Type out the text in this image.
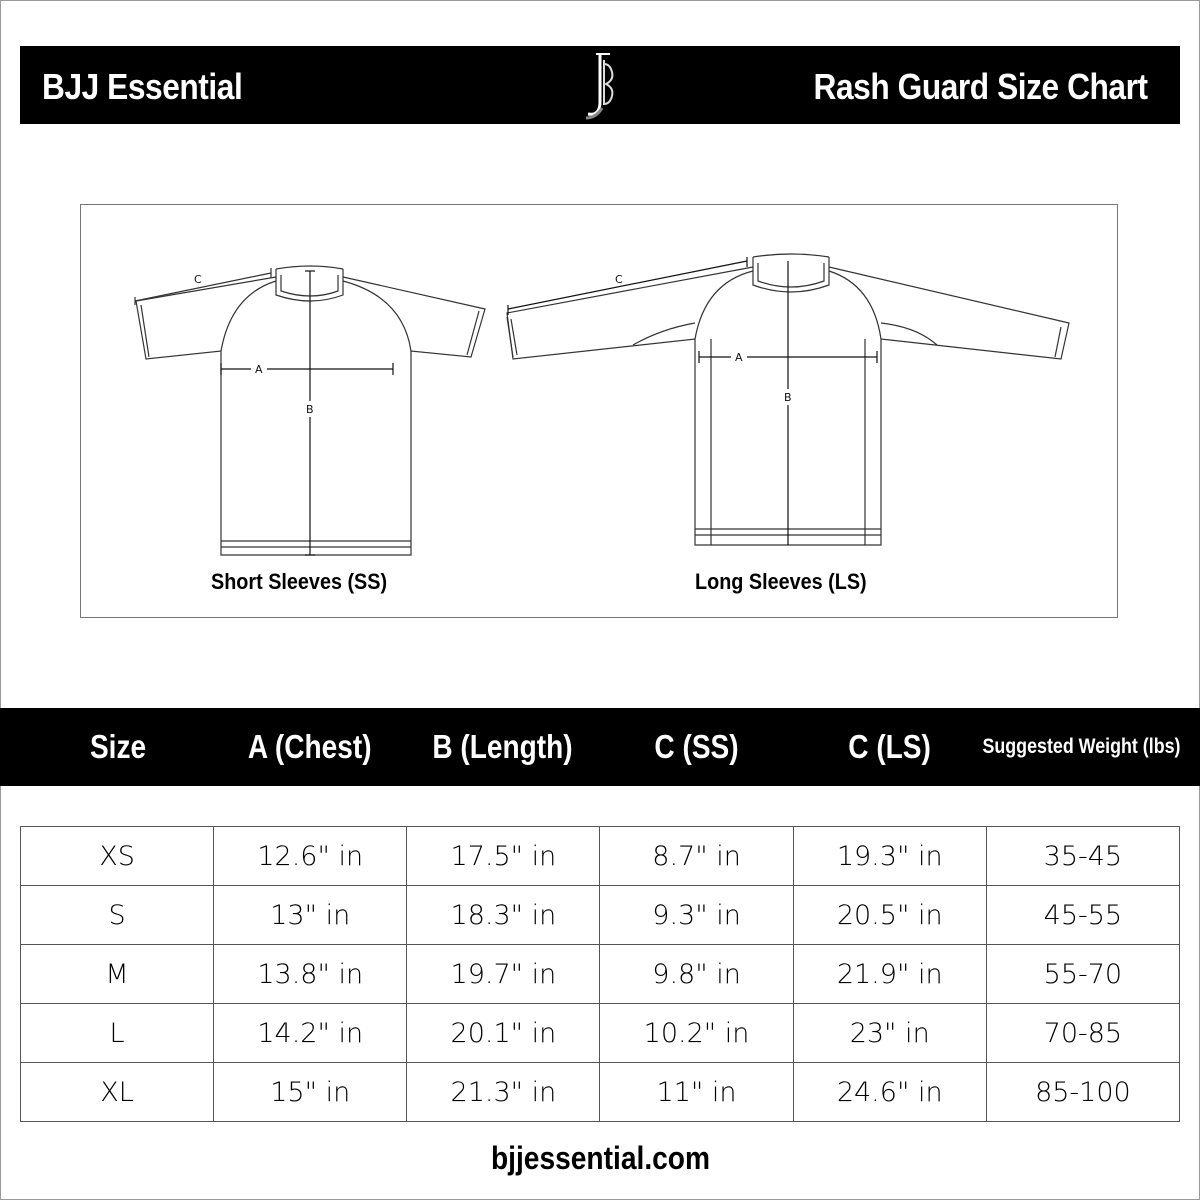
BJJ Essential	Rash Guard Size Chart
C
A
B
C
A
B
Short Sleeves (SS)	Long Sleeves (LS)
Size	A (Chest)	B (Length)	C (SS)	C (LS)	Suggested Weight (lbs)
XS	12.6" in	17.5" in	8.7" in	19.3" in	35-45
S	13" in	18.3" in	9.3" in	20.5" in	45-55
M	13.8" in	19.7" in	9.8" in	21.9" in	55-70
L	14.2" in	20.1" in	10.2" in	23" in	70-85
XL	15" in	21.3" in	11" in	24.6" in	85-100
bjjessential.com
